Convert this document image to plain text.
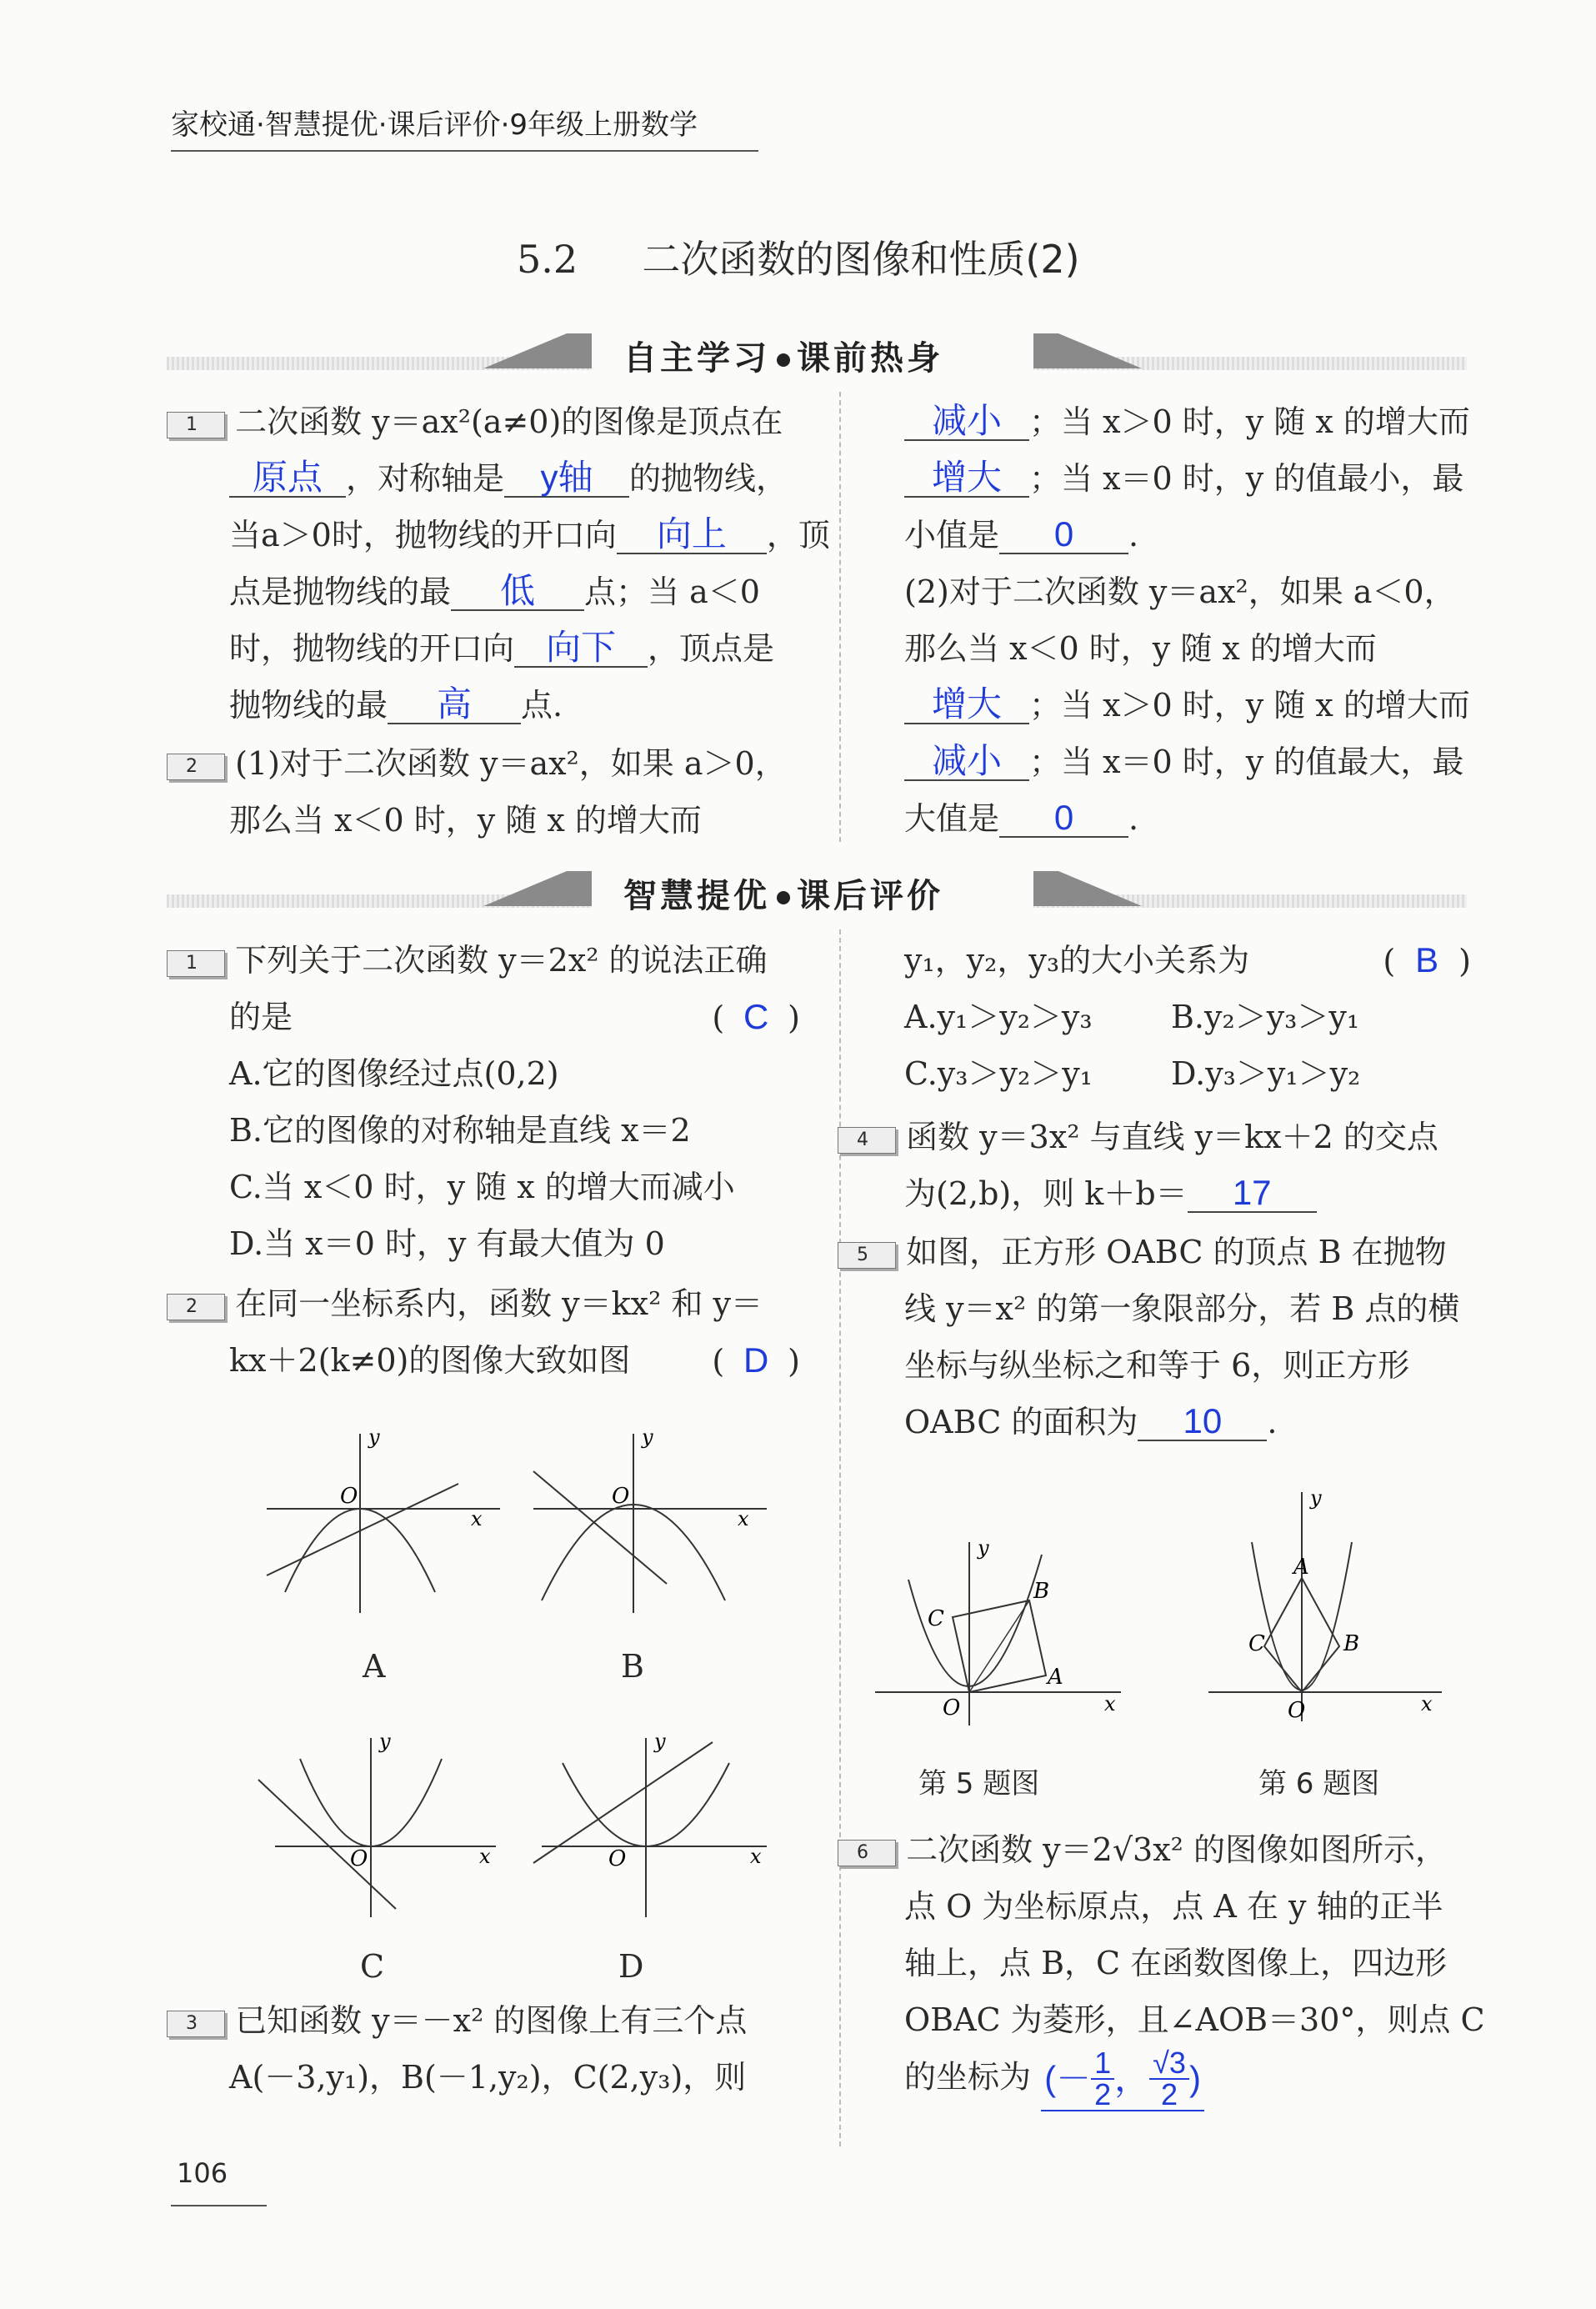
家校通·智慧提优·课后评价·9年级上册数学
5.2 二次函数的图像和性质(2)
自主学习 课前热身
1 二次函数 y＝ax²(a≠0)的图像是顶点在
原点 ，对称轴是 y轴 的抛物线，
当a＞0时，抛物线的开口向 向上 ，顶
点是抛物线的最 低 点；当 a＜0
时，抛物线的开口向 向下 ，顶点是
抛物线的最 高 点.
2 (1)对于二次函数 y＝ax²，如果 a＞0，
那么当 x＜0 时，y 随 x 的增大而
减小 ；当 x＞0 时，y 随 x 的增大而
增大 ；当 x＝0 时，y 的值最小，最
小值是 0 .
(2)对于二次函数 y＝ax²，如果 a＜0，
那么当 x＜0 时，y 随 x 的增大而
增大 ；当 x＞0 时，y 随 x 的增大而
减小 ；当 x＝0 时，y 的值最大，最
大值是 0 .
智慧提优 课后评价
1 下列关于二次函数 y＝2x² 的说法正确
的是	( C )
A.它的图像经过点(0,2)
B.它的图像的对称轴是直线 x＝2
C.当 x＜0 时，y 随 x 的增大而减小
D.当 x＝0 时，y 有最大值为 0
2 在同一坐标系内，函数 y＝kx² 和 y＝
kx＋2(k≠0)的图像大致如图	( D )
y
x
O
A
y
x
O
B
y
x
O
C
y
x
O
D
3 已知函数 y＝－x² 的图像上有三个点
A(－3,y₁)，B(－1,y₂)，C(2,y₃)，则
y₁，y₂，y₃的大小关系为	( B )
A.y₁＞y₂＞y₃ B.y₂＞y₃＞y₁
C.y₃＞y₂＞y₁ D.y₃＞y₁＞y₂
4 函数 y＝3x² 与直线 y＝kx＋2 的交点
为(2,b)，则 k＋b＝ 17
5 如图，正方形 OABC 的顶点 B 在抛物
线 y＝x² 的第一象限部分，若 B 点的横
坐标与纵坐标之和等于 6，则正方形
OABC 的面积为 10 .
y
x
O
B
A
C
第 5 题图
y
x
O
A
B
C
第 6 题图
6 二次函数 y＝2√3x² 的图像如图所示，
点 O 为坐标原点，点 A 在 y 轴的正半
轴上，点 B，C 在函数图像上，四边形
OBAC 为菱形，且∠AOB＝30°，则点 C
的坐标为 (－ $\frac{1}{2}$ ， $\frac{√3}{2}$ )
106
